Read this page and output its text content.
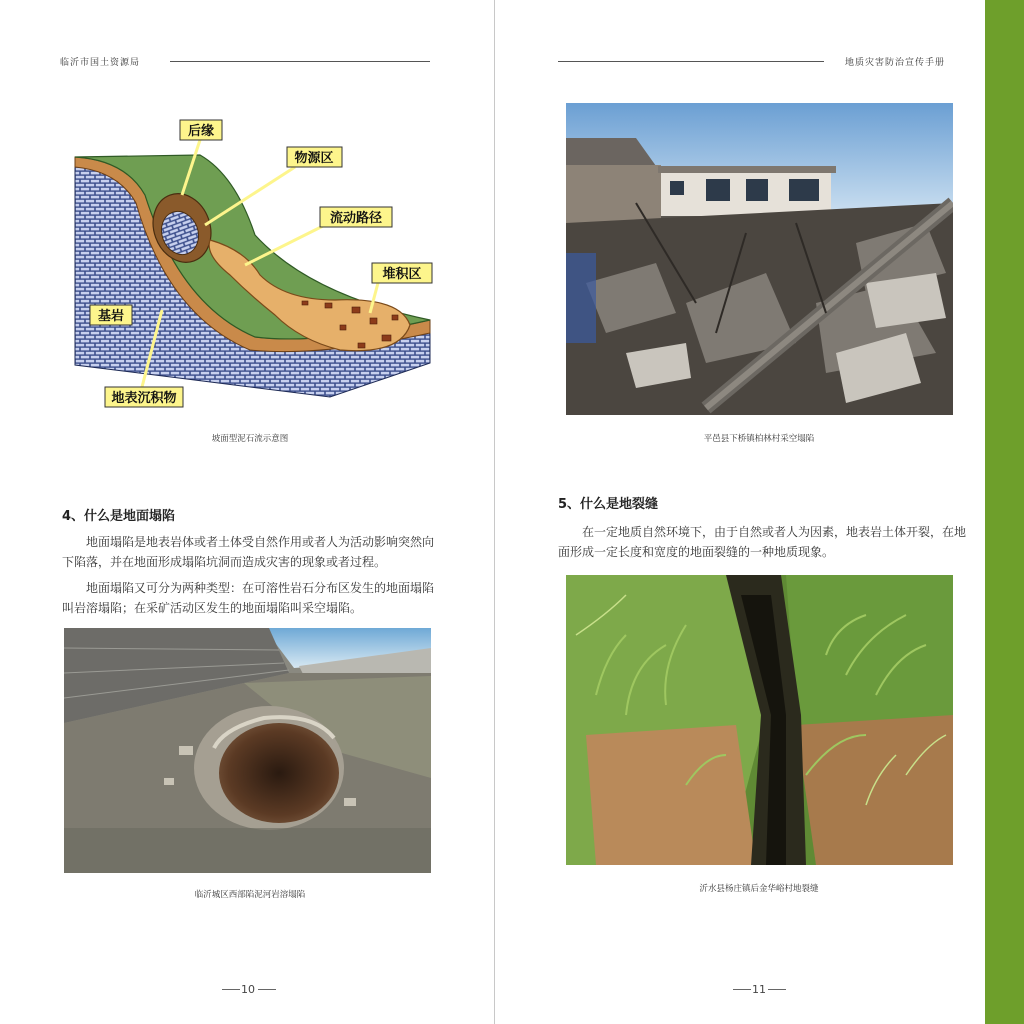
临沂市国土资源局
后缘
物源区
流动路径
堆积区
基岩
地表沉积物
坡面型泥石流示意图
4、什么是地面塌陷

地面塌陷是地表岩体或者土体受自然作用或者人为活动影响突然向下陷落，并在地面形成塌陷坑洞而造成灾害的现象或者过程。

地面塌陷又可分为两种类型：在可溶性岩石分布区发生的地面塌陷叫岩溶塌陷；在采矿活动区发生的地面塌陷叫采空塌陷。

临沂城区西部陷泥河岩溶塌陷
10
地质灾害防治宣传手册
平邑县下桥镇柏林村采空塌陷
5、什么是地裂缝

在一定地质自然环境下，由于自然或者人为因素，地表岩土体开裂，在地面形成一定长度和宽度的地面裂缝的一种地质现象。

沂水县杨庄镇后金华峪村地裂缝
11
